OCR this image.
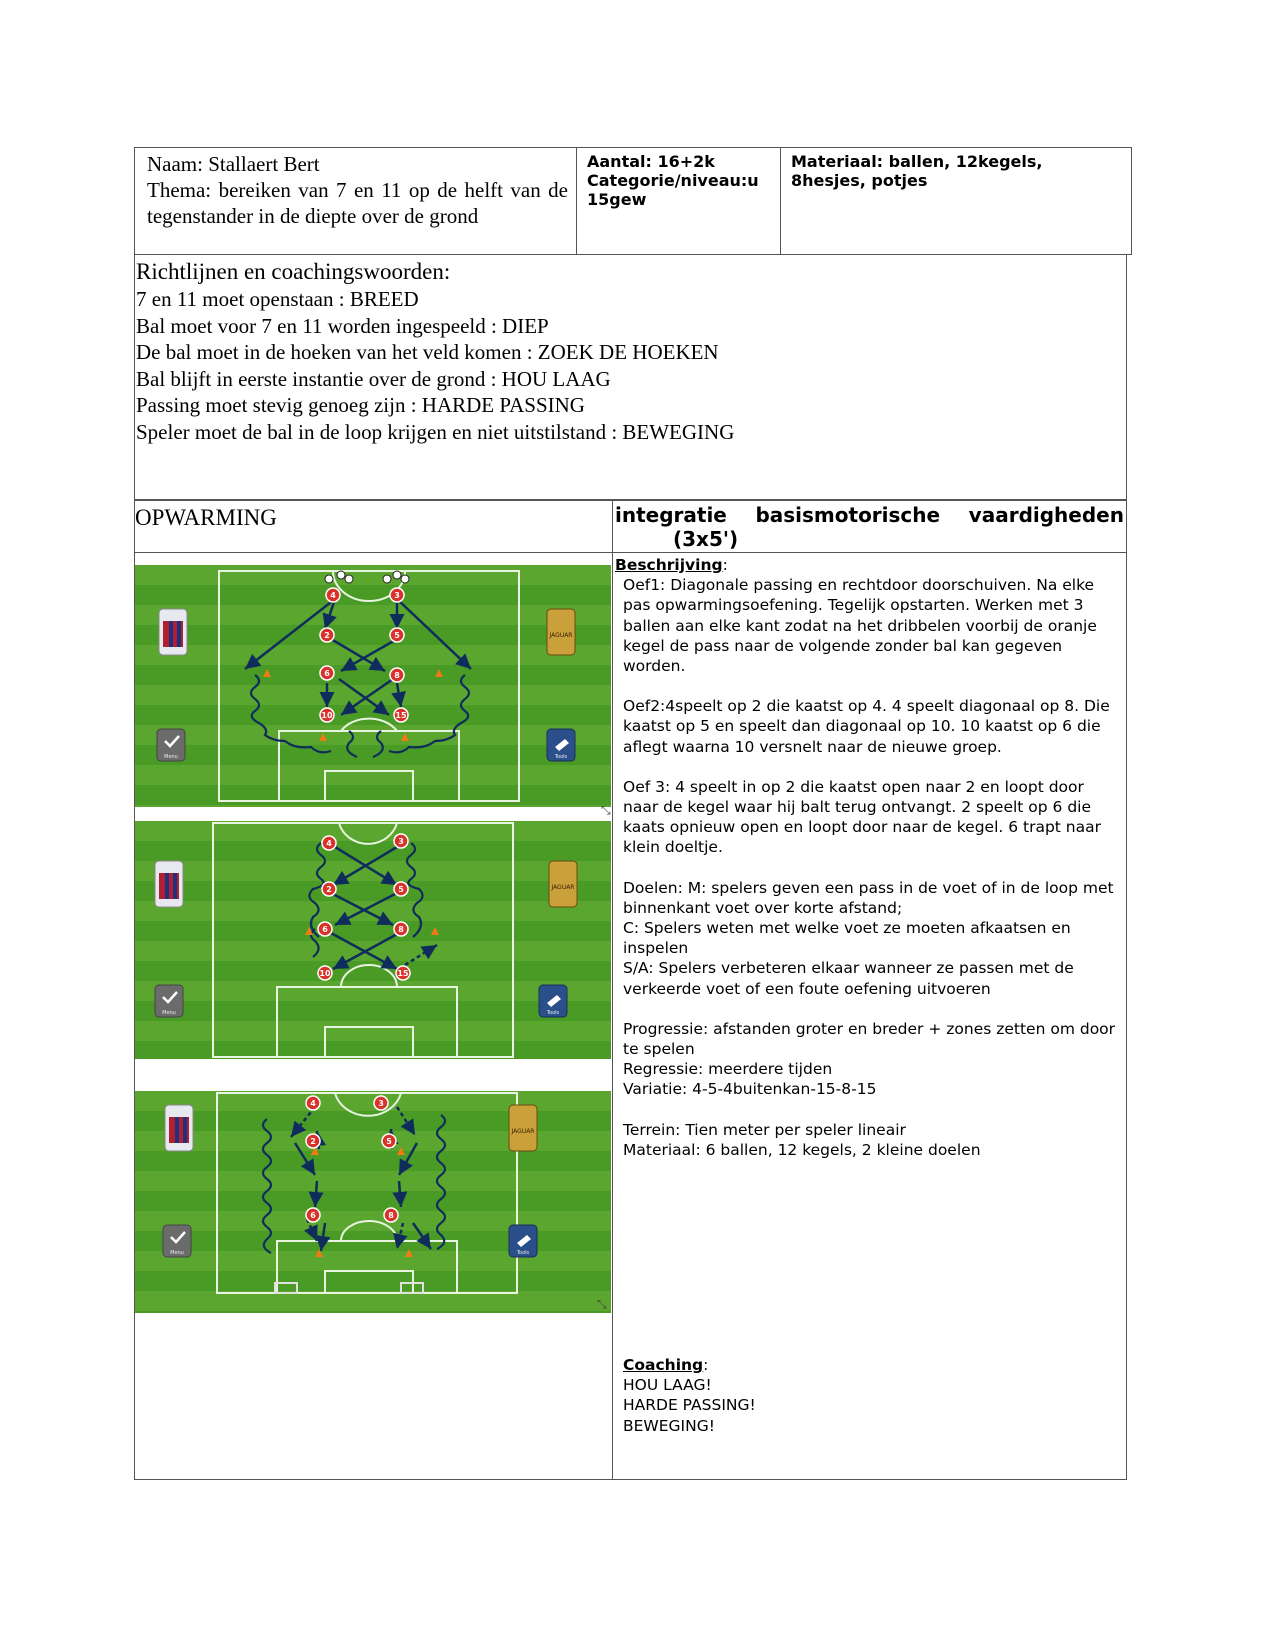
Naam: Stallaert Bert
Thema: bereiken van 7 en 11 op de helft van de tegenstander in de diepte over de grond
Aantal: 16+2k
Categorie/niveau:u 15gew
Materiaal: ballen, 12kegels, 8hesjes, potjes
Richtlijnen en coachingswoorden:
7 en 11 moet openstaan : BREED
Bal moet voor 7 en 11 worden ingespeeld : DIEP
De bal moet in de hoeken van het veld komen : ZOEK DE HOEKEN
Bal blijft in eerste instantie over de grond : HOU LAAG
Passing moet stevig genoeg zijn : HARDE PASSING
Speler moet de bal in de loop krijgen en niet uitstilstand : BEWEGING
OPWARMING	integratie basismotorische vaardigheden
(3x5')
4	3
2	5
6	8
10	15
JAGUAR
Menu	Tools
⤡
4	3
2	5
6	8
10	15
JAGUAR
Menu	Tools
4	3
2	5
6	8
JAGUAR
Menu	Tools
⤡
Beschrijving:
Oef1: Diagonale passing en rechtdoor doorschuiven. Na elke pas opwarmingsoefening. Tegelijk opstarten. Werken met 3 ballen aan elke kant zodat na het dribbelen voorbij de oranje kegel de pass naar de volgende zonder bal kan gegeven worden.
Oef2:4speelt op 2 die kaatst op 4. 4 speelt diagonaal op 8. Die kaatst op 5 en speelt dan diagonaal op 10. 10 kaatst op 6 die aflegt waarna 10 versnelt naar de nieuwe groep.
Oef 3: 4 speelt in op 2 die kaatst open naar 2 en loopt door naar de kegel waar hij balt terug ontvangt. 2 speelt op 6 die kaats opnieuw open en loopt door naar de kegel. 6 trapt naar klein doeltje.
Doelen: M: spelers geven een pass in de voet of in de loop met binnenkant voet over korte afstand;
C: Spelers weten met welke voet ze moeten afkaatsen en inspelen
S/A: Spelers verbeteren elkaar wanneer ze passen met de verkeerde voet of een foute oefening uitvoeren
Progressie: afstanden groter en breder + zones zetten om door te spelen
Regressie: meerdere tijden
Variatie: 4-5-4buitenkan-15-8-15
Terrein: Tien meter per speler lineair
Materiaal: 6 ballen, 12 kegels, 2 kleine doelen
Coaching:
HOU LAAG!
HARDE PASSING!
BEWEGING!
